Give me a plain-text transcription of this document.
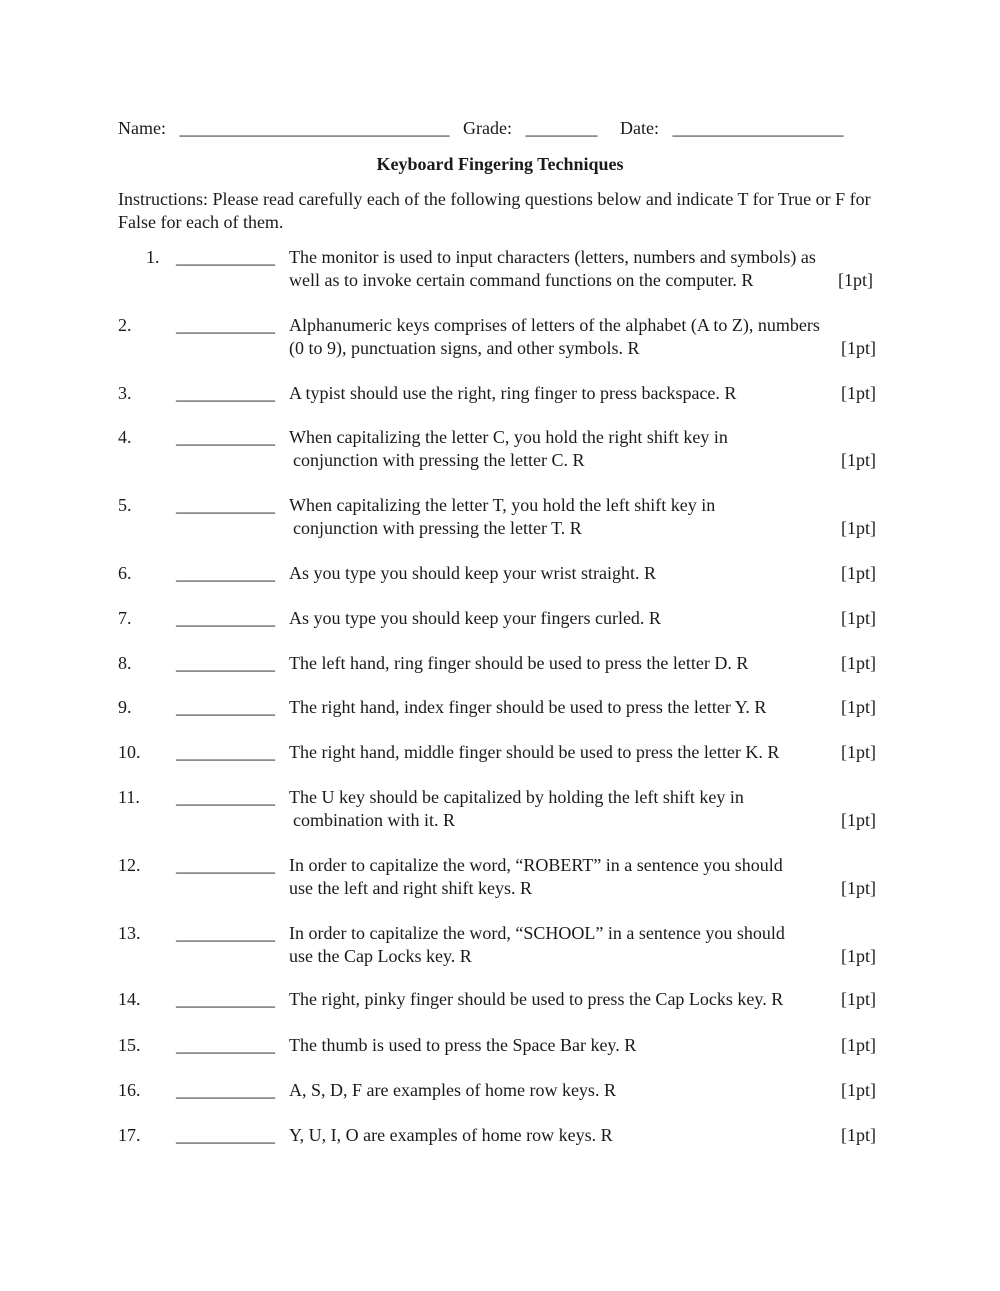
Name: ______________________________ Grade: ________ Date: ___________________
Keyboard Fingering Techniques
Instructions: Please read carefully each of the following questions below and indicate T for True or F for False for each of them.
1. ___________ The monitor is used to input characters (letters, numbers and symbols) as
well as to invoke certain command functions on the computer. R	[1pt]
2. ___________ Alphanumeric keys comprises of letters of the alphabet (A to Z), numbers
(0 to 9), punctuation signs, and other symbols. R	[1pt]
3. ___________ A typist should use the right, ring finger to press backspace. R	[1pt]
4. ___________ When capitalizing the letter C, you hold the right shift key in
conjunction with pressing the letter C. R	[1pt]
5. ___________ When capitalizing the letter T, you hold the left shift key in
conjunction with pressing the letter T. R	[1pt]
6. ___________ As you type you should keep your wrist straight. R	[1pt]
7. ___________ As you type you should keep your fingers curled. R	[1pt]
8. ___________ The left hand, ring finger should be used to press the letter D. R	[1pt]
9. ___________ The right hand, index finger should be used to press the letter Y. R	[1pt]
10. ___________ The right hand, middle finger should be used to press the letter K. R	[1pt]
11. ___________ The U key should be capitalized by holding the left shift key in
combination with it. R	[1pt]
12. ___________ In order to capitalize the word, “ROBERT” in a sentence you should
use the left and right shift keys. R	[1pt]
13. ___________ In order to capitalize the word, “SCHOOL” in a sentence you should
use the Cap Locks key. R	[1pt]
14. ___________ The right, pinky finger should be used to press the Cap Locks key. R	[1pt]
15. ___________ The thumb is used to press the Space Bar key. R	[1pt]
16. ___________ A, S, D, F are examples of home row keys. R	[1pt]
17. ___________ Y, U, I, O are examples of home row keys. R	[1pt]
